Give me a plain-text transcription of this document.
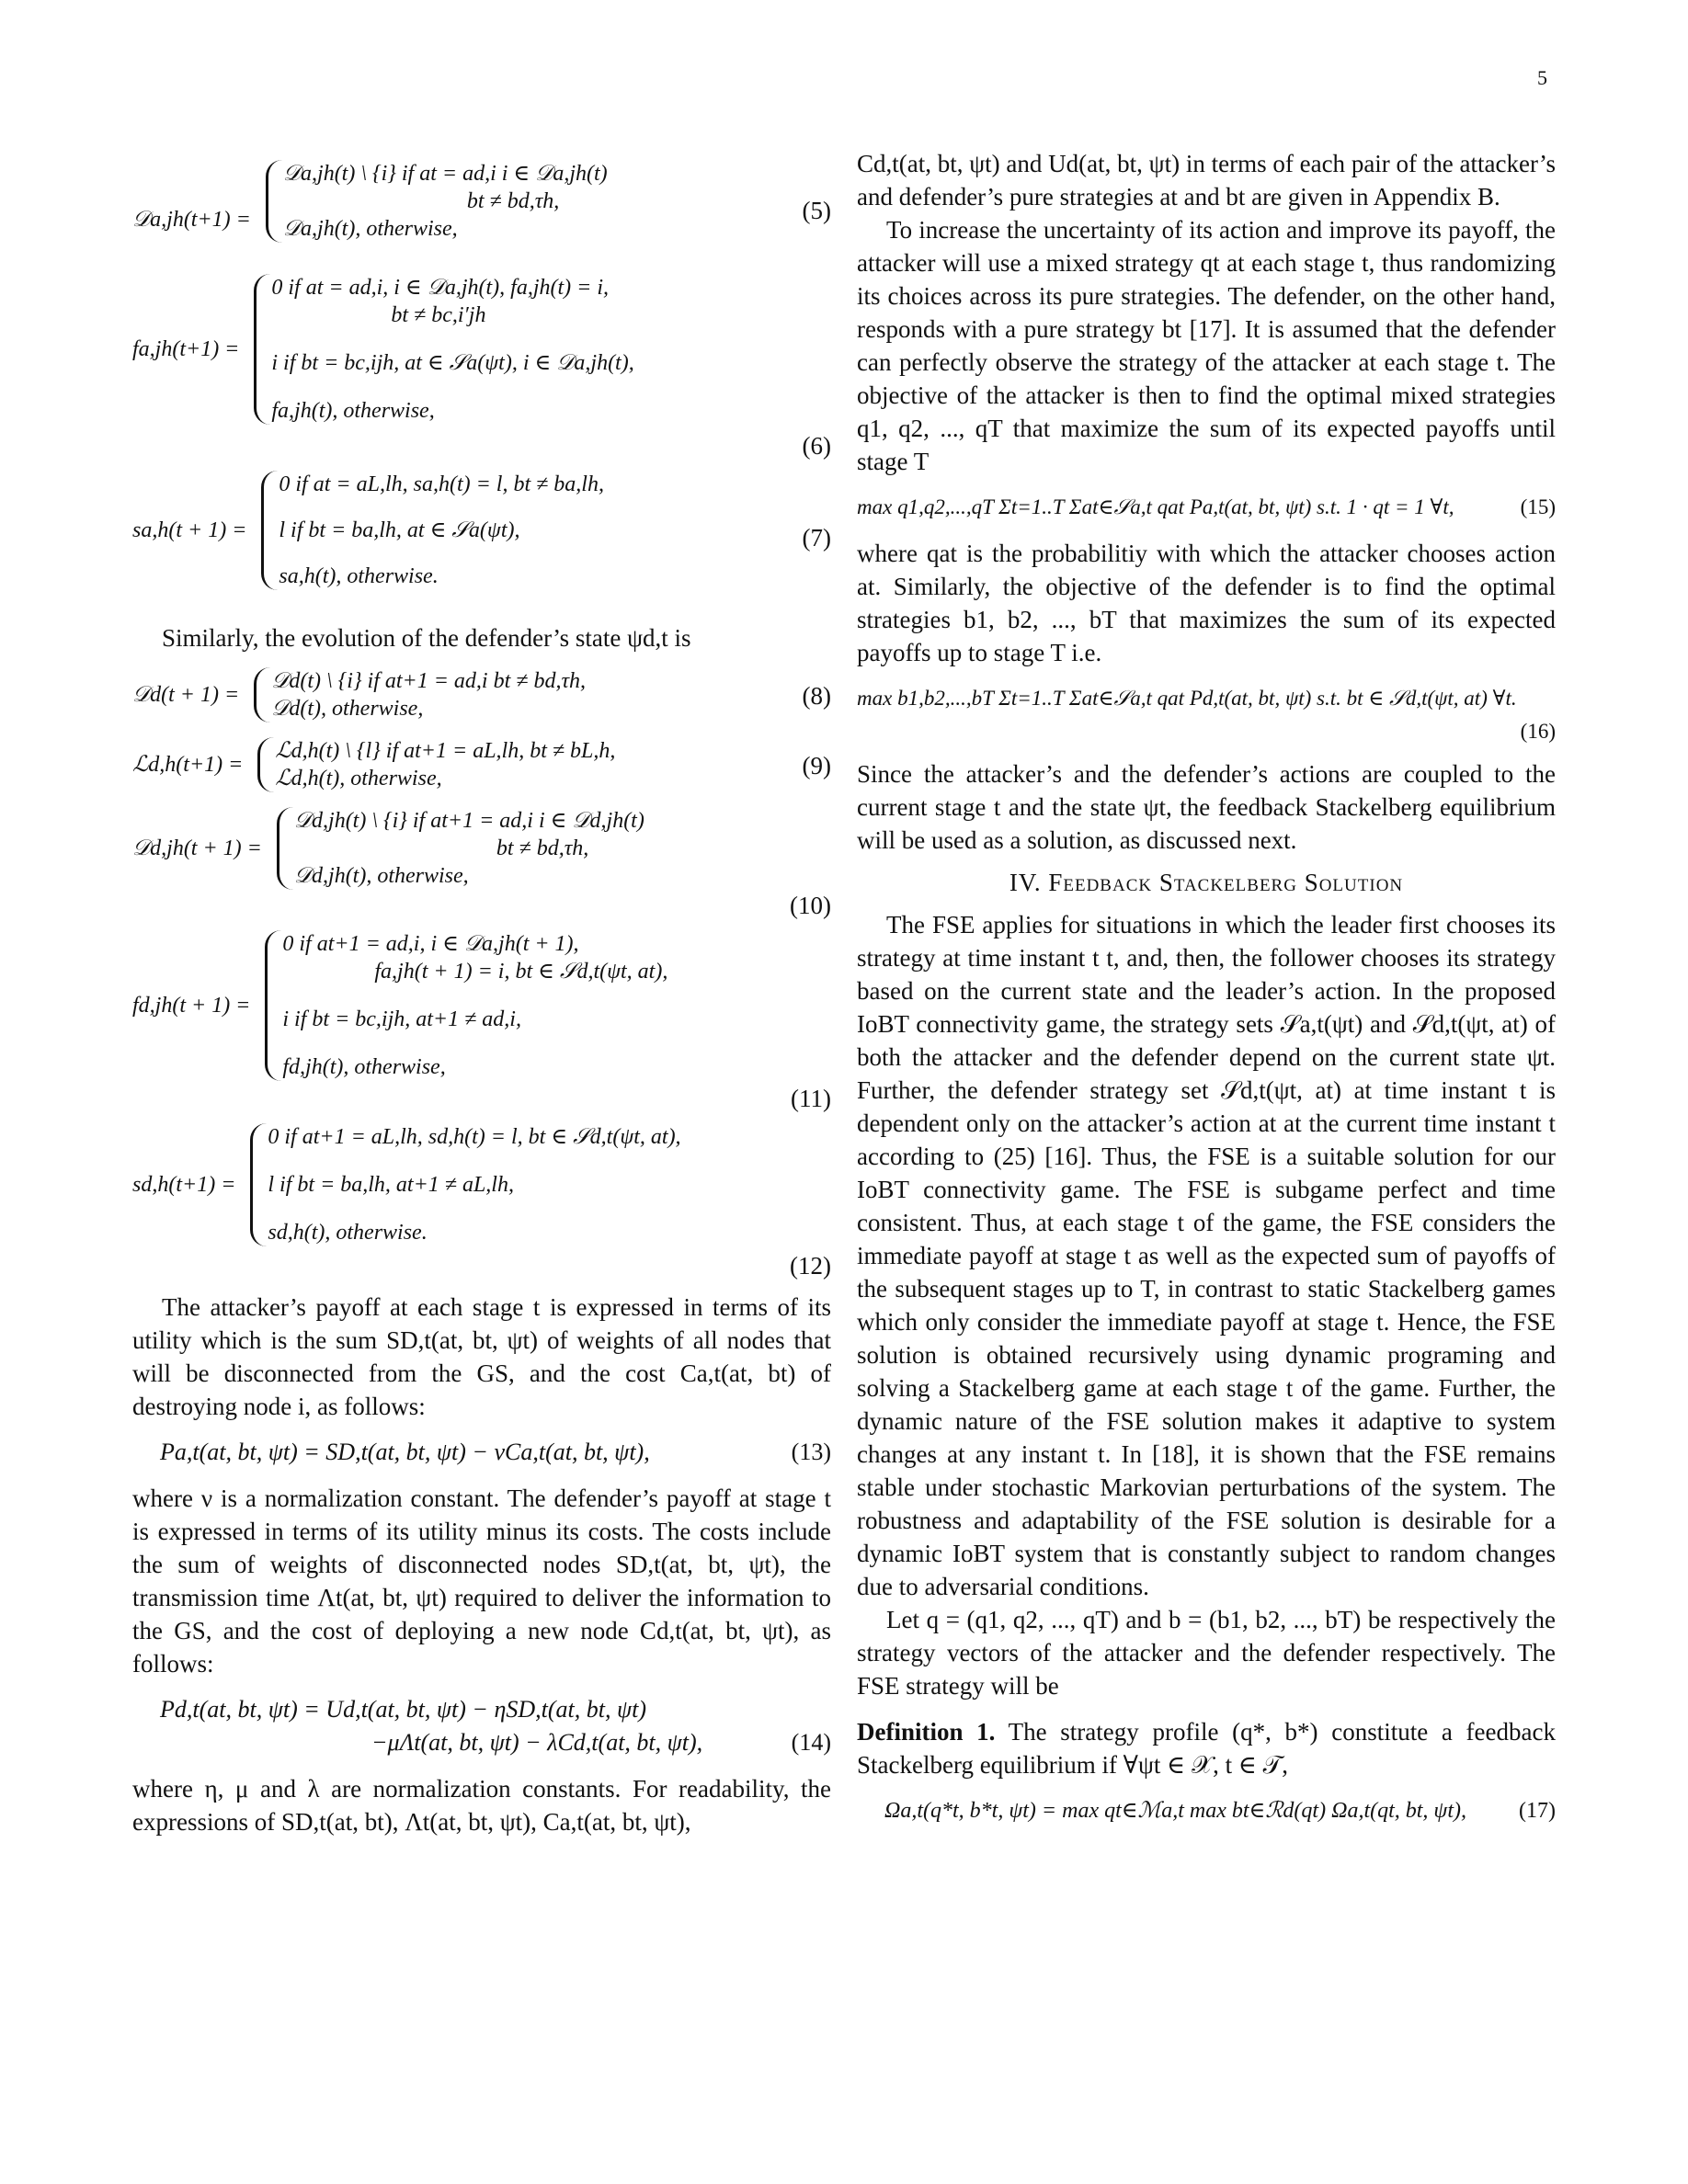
5
𝒟a,jh(t+1) =
𝒟a,jh(t) \ {i} if at = ad,i i ∈ 𝒟a,jh(t)
bt ≠ bd,τh,
𝒟a,jh(t), otherwise,
(5)
fa,jh(t+1) =
0 if at = ad,i, i ∈ 𝒟a,jh(t), fa,jh(t) = i,
bt ≠ bc,i′jh
i if bt = bc,ijh, at ∈ 𝒮a(ψt), i ∈ 𝒟a,jh(t),
fa,jh(t), otherwise,
(6)
sa,h(t + 1) =
0 if at = aL,lh, sa,h(t) = l, bt ≠ ba,lh,
l if bt = ba,lh, at ∈ 𝒮a(ψt),
sa,h(t), otherwise.
(7)

Similarly, the evolution of the defender’s state ψd,t is

𝒟d(t + 1) =
𝒟d(t) \ {i} if at+1 = ad,i bt ≠ bd,τh,
𝒟d(t), otherwise,	(8)
ℒd,h(t+1) =
ℒd,h(t) \ {l} if at+1 = aL,lh, bt ≠ bL,h,
ℒd,h(t), otherwise,	(9)
𝒟d,jh(t + 1) =
𝒟d,jh(t) \ {i} if at+1 = ad,i i ∈ 𝒟d,jh(t)
bt ≠ bd,τh,
𝒟d,jh(t), otherwise,
(10)
fd,jh(t + 1) =
0 if at+1 = ad,i, i ∈ 𝒟a,jh(t + 1),
fa,jh(t + 1) = i, bt ∈ 𝒮d,t(ψt, at),
i if bt = bc,ijh, at+1 ≠ ad,i,
fd,jh(t), otherwise,
(11)
sd,h(t+1) =
0 if at+1 = aL,lh, sd,h(t) = l, bt ∈ 𝒮d,t(ψt, at),
l if bt = ba,lh, at+1 ≠ aL,lh,
sd,h(t), otherwise.
(12)

The attacker’s payoff at each stage t is expressed in terms of its utility which is the sum SD,t(at, bt, ψt) of weights of all nodes that will be disconnected from the GS, and the cost Ca,t(at, bt) of destroying node i, as follows:

Pa,t(at, bt, ψt) = SD,t(at, bt, ψt) − νCa,t(at, bt, ψt),	(13)

where ν is a normalization constant. The defender’s payoff at stage t is expressed in terms of its utility minus its costs. The costs include the sum of weights of disconnected nodes SD,t(at, bt, ψt), the transmission time Λt(at, bt, ψt) required to deliver the information to the GS, and the cost of deploying a new node Cd,t(at, bt, ψt), as follows:

Pd,t(at, bt, ψt) = Ud,t(at, bt, ψt) − ηSD,t(at, bt, ψt)
−μΛt(at, bt, ψt) − λCd,t(at, bt, ψt),	(14)

where η, μ and λ are normalization constants. For readability, the expressions of SD,t(at, bt), Λt(at, bt, ψt), Ca,t(at, bt, ψt),

Cd,t(at, bt, ψt) and Ud(at, bt, ψt) in terms of each pair of the attacker’s and defender’s pure strategies at and bt are given in Appendix B.

To increase the uncertainty of its action and improve its payoff, the attacker will use a mixed strategy qt at each stage t, thus randomizing its choices across its pure strategies. The defender, on the other hand, responds with a pure strategy bt [17]. It is assumed that the defender can perfectly observe the strategy of the attacker at each stage t. The objective of the attacker is then to find the optimal mixed strategies q1, q2, ..., qT that maximize the sum of its expected payoffs until stage T

max q1,q2,...,qT Σt=1..T Σat∈𝒮a,t qat Pa,t(at, bt, ψt) s.t. 1 · qt = 1 ∀t,	(15)

where qat is the probabilitiy with which the attacker chooses action at. Similarly, the objective of the defender is to find the optimal strategies b1, b2, ..., bT that maximizes the sum of its expected payoffs up to stage T i.e.

max b1,b2,...,bT Σt=1..T Σat∈𝒮a,t qat Pd,t(at, bt, ψt) s.t. bt ∈ 𝒮d,t(ψt, at) ∀t.
(16)

Since the attacker’s and the defender’s actions are coupled to the current stage t and the state ψt, the feedback Stackelberg equilibrium will be used as a solution, as discussed next.

IV. Feedback Stackelberg Solution

The FSE applies for situations in which the leader first chooses its strategy at time instant t t, and, then, the follower chooses its strategy based on the current state and the leader’s action. In the proposed IoBT connectivity game, the strategy sets 𝒮a,t(ψt) and 𝒮d,t(ψt, at) of both the attacker and the defender depend on the current state ψt. Further, the defender strategy set 𝒮d,t(ψt, at) at time instant t is dependent only on the attacker’s action at at the current time instant t according to (25) [16]. Thus, the FSE is a suitable solution for our IoBT connectivity game. The FSE is subgame perfect and time consistent. Thus, at each stage t of the game, the FSE considers the immediate payoff at stage t as well as the expected sum of payoffs of the subsequent stages up to T, in contrast to static Stackelberg games which only consider the immediate payoff at stage t. Hence, the FSE solution is obtained recursively using dynamic programing and solving a Stackelberg game at each stage t of the game. Further, the dynamic nature of the FSE solution makes it adaptive to system changes at any instant t. In [18], it is shown that the FSE remains stable under stochastic Markovian perturbations of the system. The robustness and adaptability of the FSE solution is desirable for a dynamic IoBT system that is constantly subject to random changes due to adversarial conditions.

Let q = (q1, q2, ..., qT) and b = (b1, b2, ..., bT) be respectively the strategy vectors of the attacker and the defender respectively. The FSE strategy will be

Definition 1. The strategy profile (q*, b*) constitute a feedback Stackelberg equilibrium if ∀ψt ∈ 𝒳, t ∈ 𝒯,

Ωa,t(q*t, b*t, ψt) = max qt∈ℳa,t max bt∈ℛd(qt) Ωa,t(qt, bt, ψt), (17)
